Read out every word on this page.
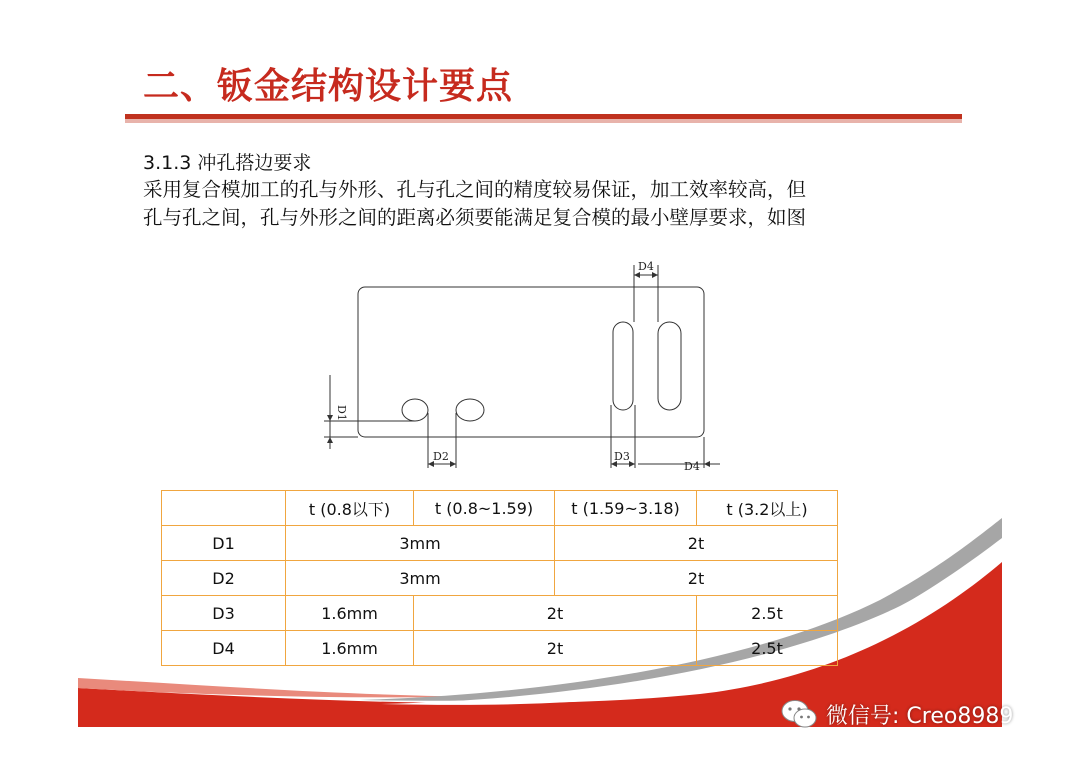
二、钣金结构设计要点

3.1.3 冲孔搭边要求

采用复合模加工的孔与外形、孔与孔之间的精度较易保证，加工效率较高，但
孔与孔之间，孔与外形之间的距离必须要能满足复合模的最小壁厚要求，如图

D1
D2	D3
D4
D4
	t (0.8以下)	t (0.8~1.59)	t (1.59~3.18)	t (3.2以上)
D1	3mm		2t	
D2	3mm		2t	
D3	1.6mm	2t		2.5t
D4	1.6mm	2t		2.5t
微信号: Creo8989
